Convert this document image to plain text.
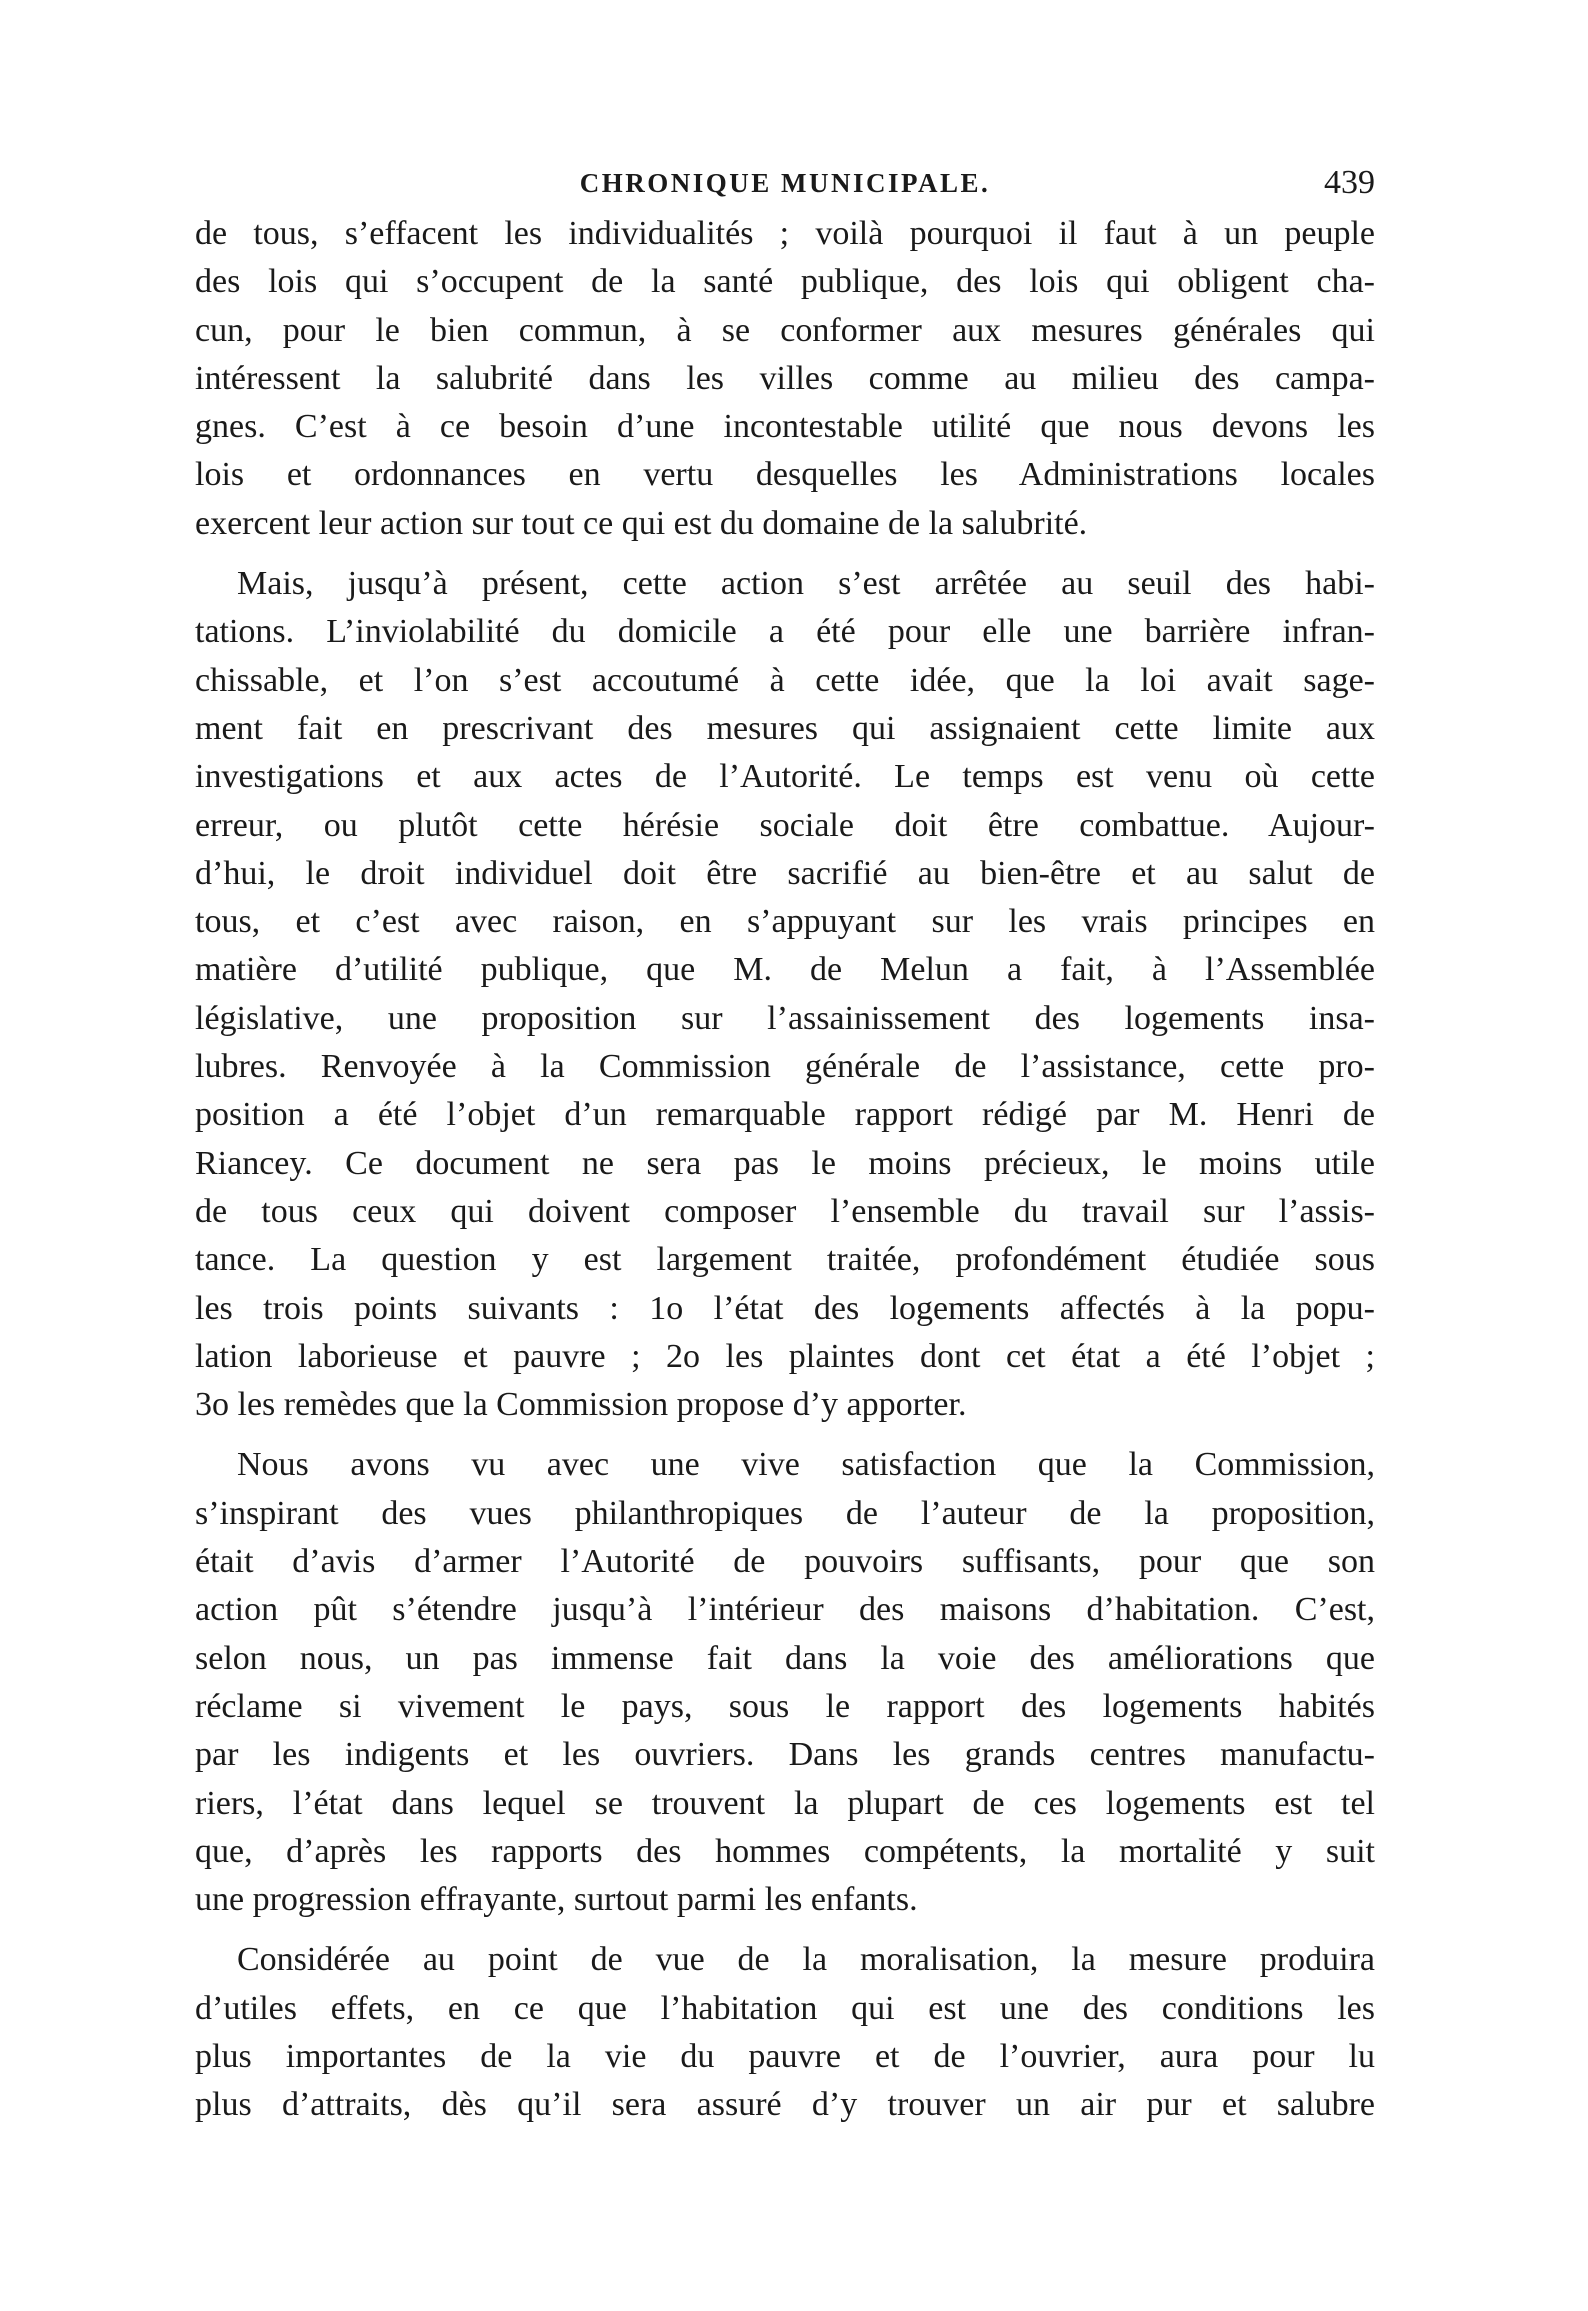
CHRONIQUE MUNICIPALE.	439
de tous, s’effacent les individualités ; voilà pourquoi il faut à un peuple
des lois qui s’occupent de la santé publique, des lois qui obligent cha-
cun, pour le bien commun, à se conformer aux mesures générales qui
intéressent la salubrité dans les villes comme au milieu des campa-
gnes. C’est à ce besoin d’une incontestable utilité que nous devons les
lois et ordonnances en vertu desquelles les Administrations locales
exercent leur action sur tout ce qui est du domaine de la salubrité.
Mais, jusqu’à présent, cette action s’est arrêtée au seuil des habi-
tations. L’inviolabilité du domicile a été pour elle une barrière infran-
chissable, et l’on s’est accoutumé à cette idée, que la loi avait sage-
ment fait en prescrivant des mesures qui assignaient cette limite aux
investigations et aux actes de l’Autorité. Le temps est venu où cette
erreur, ou plutôt cette hérésie sociale doit être combattue. Aujour-
d’hui, le droit individuel doit être sacrifié au bien-être et au salut de
tous, et c’est avec raison, en s’appuyant sur les vrais principes en
matière d’utilité publique, que M. de Melun a fait, à l’Assemblée
législative, une proposition sur l’assainissement des logements insa-
lubres. Renvoyée à la Commission générale de l’assistance, cette pro-
position a été l’objet d’un remarquable rapport rédigé par M. Henri de
Riancey. Ce document ne sera pas le moins précieux, le moins utile
de tous ceux qui doivent composer l’ensemble du travail sur l’assis-
tance. La question y est largement traitée, profondément étudiée sous
les trois points suivants : 1o l’état des logements affectés à la popu-
lation laborieuse et pauvre ; 2o les plaintes dont cet état a été l’objet ;
3o les remèdes que la Commission propose d’y apporter.
Nous avons vu avec une vive satisfaction que la Commission,
s’inspirant des vues philanthropiques de l’auteur de la proposition,
était d’avis d’armer l’Autorité de pouvoirs suffisants, pour que son
action pût s’étendre jusqu’à l’intérieur des maisons d’habitation. C’est,
selon nous, un pas immense fait dans la voie des améliorations que
réclame si vivement le pays, sous le rapport des logements habités
par les indigents et les ouvriers. Dans les grands centres manufactu-
riers, l’état dans lequel se trouvent la plupart de ces logements est tel
que, d’après les rapports des hommes compétents, la mortalité y suit
une progression effrayante, surtout parmi les enfants.
Considérée au point de vue de la moralisation, la mesure produira
d’utiles effets, en ce que l’habitation qui est une des conditions les
plus importantes de la vie du pauvre et de l’ouvrier, aura pour lu
plus d’attraits, dès qu’il sera assuré d’y trouver un air pur et salubre
